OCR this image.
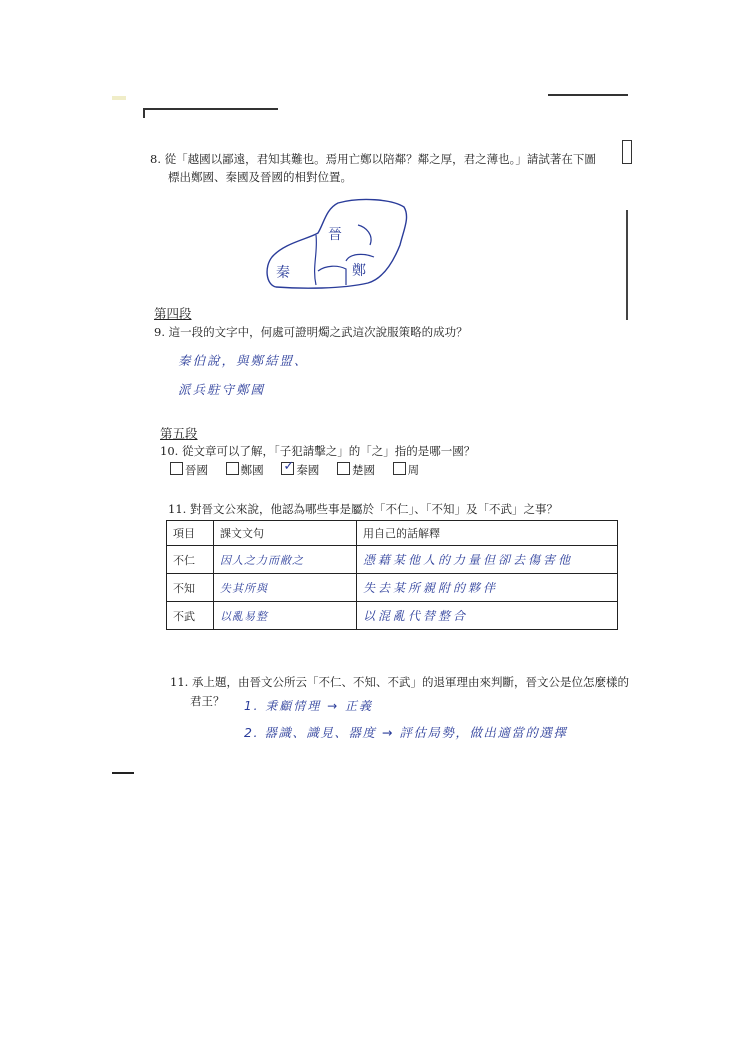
8. 從「越國以鄙遠，君知其難也。焉用亡鄭以陪鄰？鄰之厚，君之薄也。」請試著在下圖
標出鄭國、秦國及晉國的相對位置。
晉
秦	鄭
第四段
9. 這一段的文字中，何處可證明燭之武這次說服策略的成功？
秦伯說，與鄭結盟、
派兵駐守鄭國
第五段
10. 從文章可以了解，「子犯請擊之」的「之」指的是哪一國？
晉國	鄭國 ✓ 秦國	楚國	周
11. 對晉文公來說，他認為哪些事是屬於「不仁」、「不知」及「不武」之事？
項目	課文文句	用自己的話解釋
不仁	因人之力而敝之	憑藉某他人的力量但卻去傷害他
不知	失其所與	失去某所親附的夥伴
不武	以亂易整	以混亂代替整合
11. 承上題，由晉文公所云「不仁、不知、不武」的退軍理由來判斷，晉文公是位怎麼樣的
君王？ 1. 秉顧情理 → 正義
2. 器識、識見、器度 → 評估局勢，做出適當的選擇
